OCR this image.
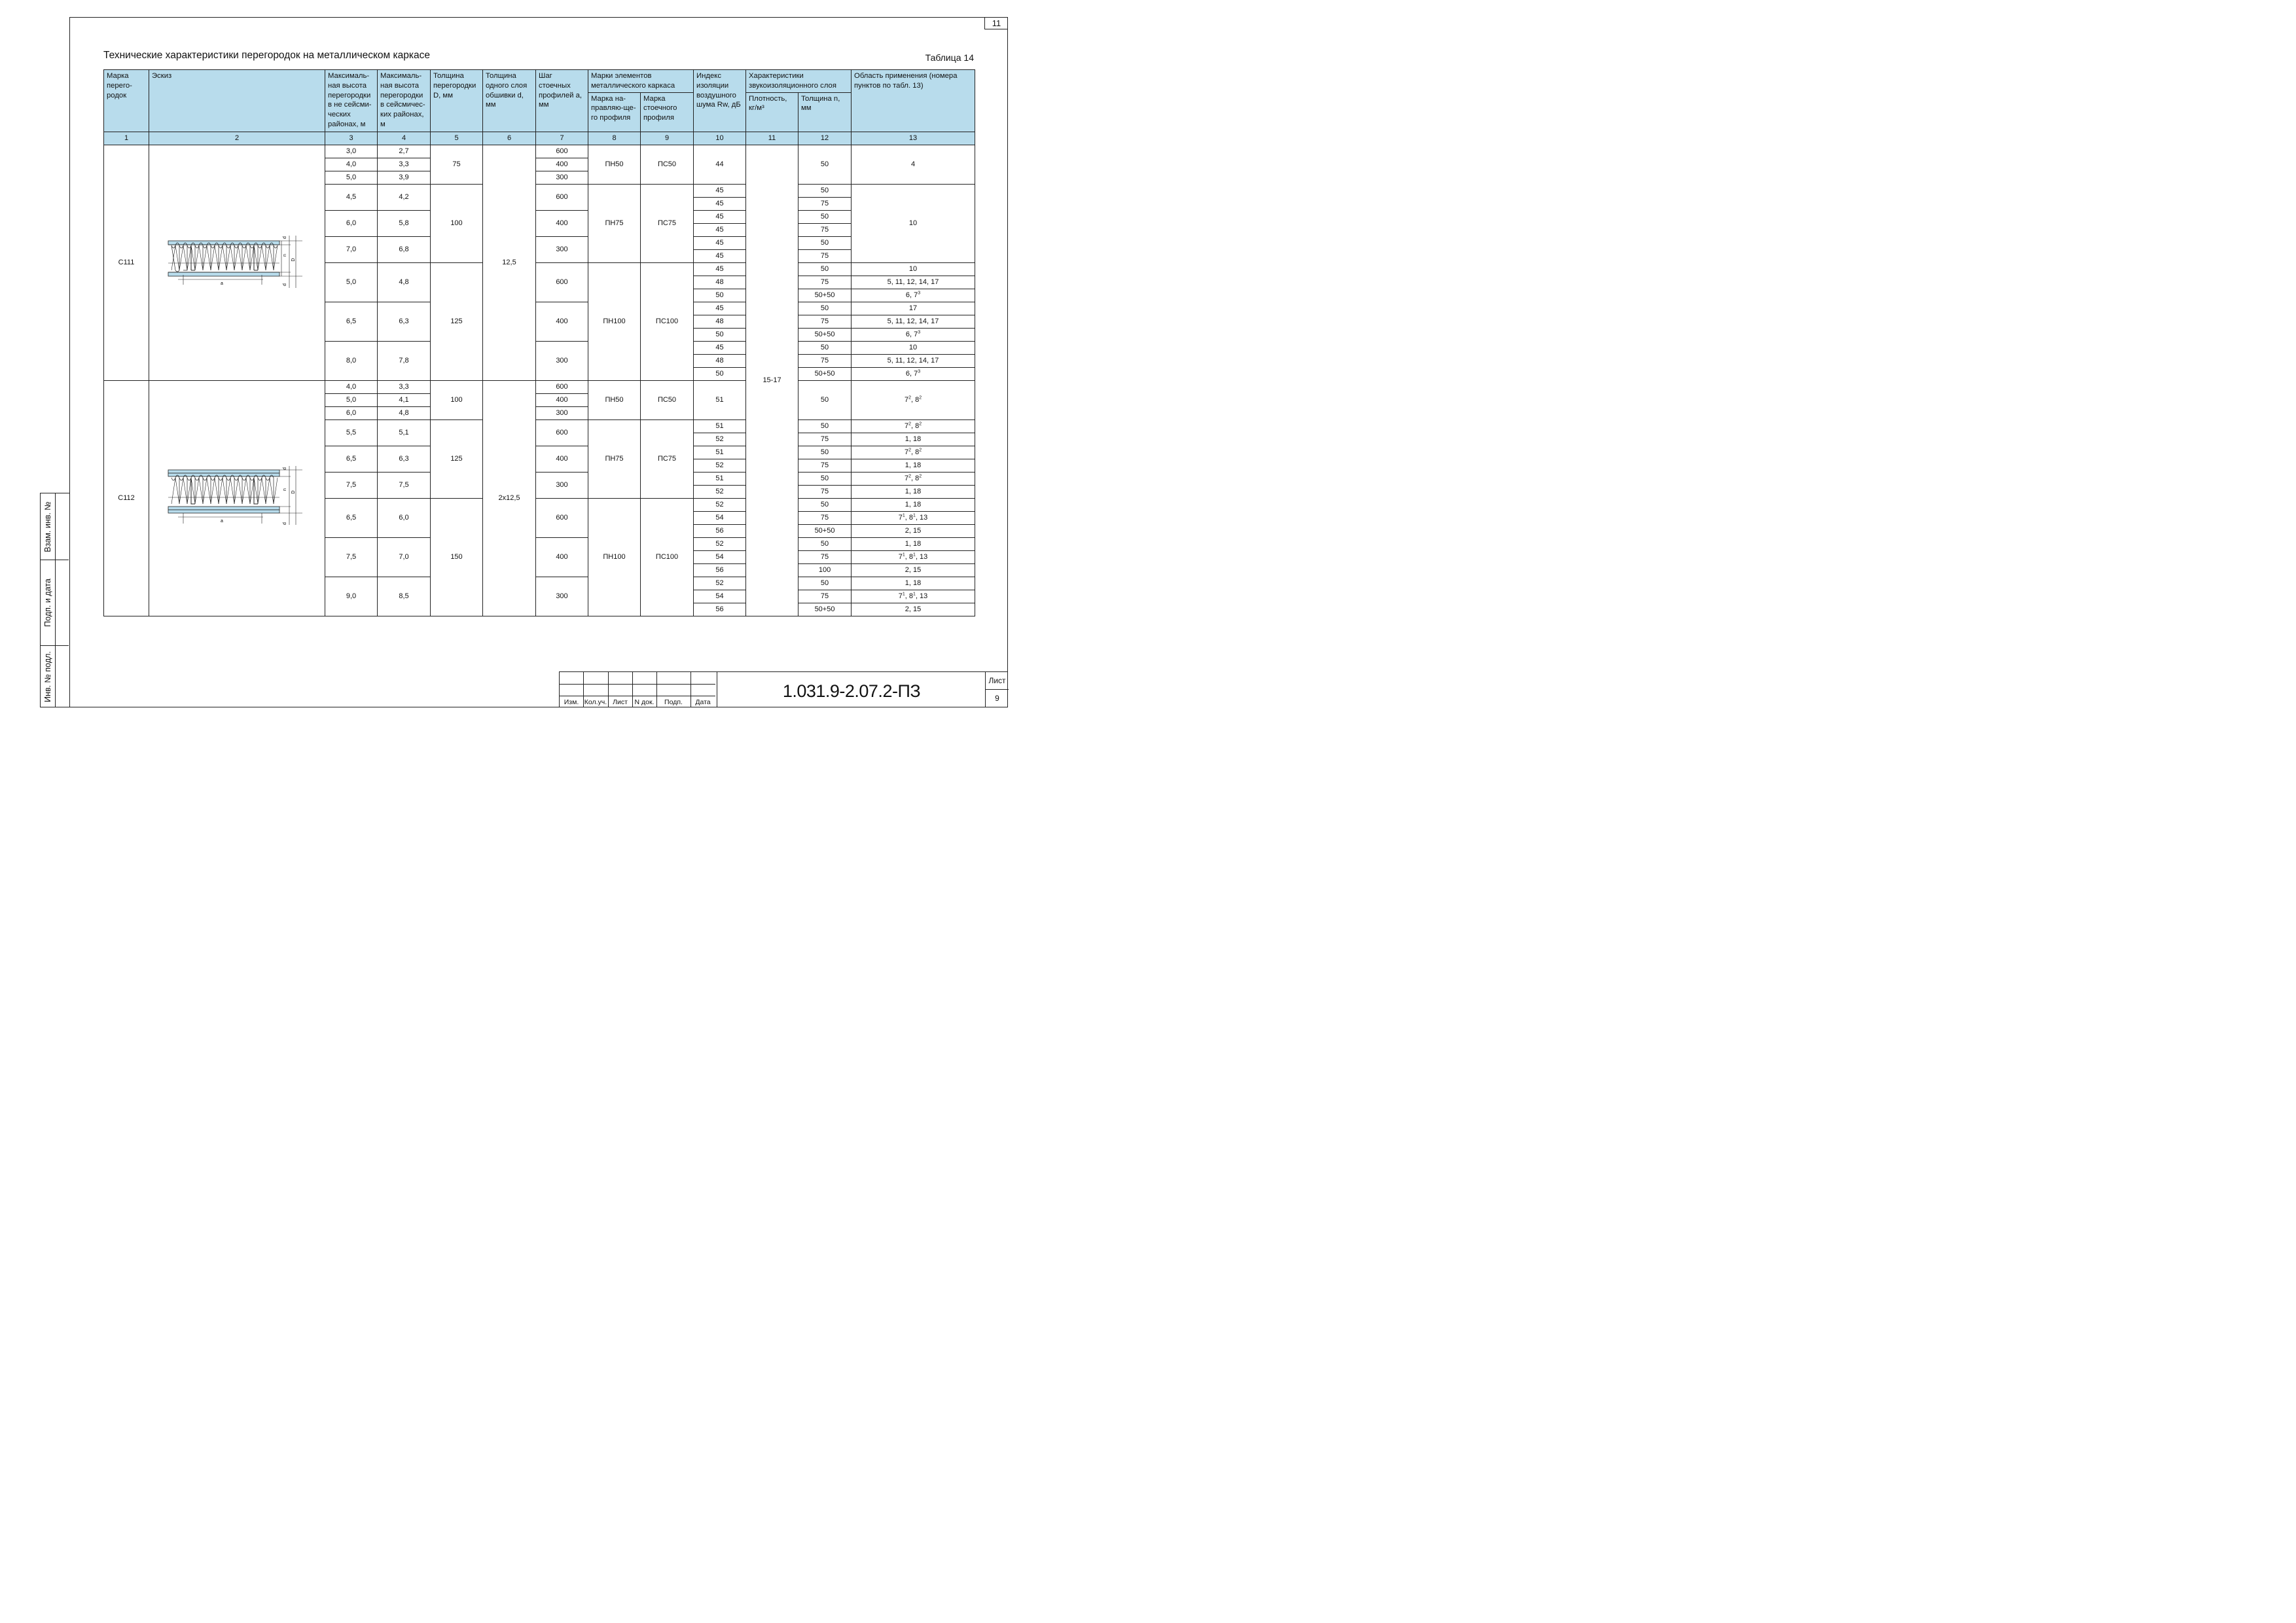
11
Технические характеристики перегородок на металлическом каркасе	Таблица 14
Марка перего-родок	Эскиз	Максималь-ная высота перегородки в не сейсми-ческих районах, м	Максималь-ная высота перегородки в сейсмичес-ких районах, м	Толщина перегородки D, мм	Толщина одного слоя обшивки d, мм	Шаг стоечных профилей a, мм	Марки элементов металлического каркаса		Индекс изоляции воздушного шума Rw, дБ	Характеристики звукоизоляционного слоя		Область применения (номера пунктов по табл. 13)
							Марка на-правляю-ще-го профиля	Марка стоечного профиля		Плотность, кг/м³	Толщина n, мм	
1	2	3	4	5	6	7	8	9	10	11	12	13
С111	a
d
n
D
d	3,0	2,7	75	12,5	600	ПН50	ПС50	44	15-17	50	4
		4,0	3,3			400						
		5,0	3,9			300						
		4,5	4,2	100		600	ПН75	ПС75	45		50	10
									45		75	
		6,0	5,8			400			45		50	
									45		75	
		7,0	6,8			300			45		50	
									45		75	
		5,0	4,8	125		600	ПН100	ПС100	45		50	10
									48		75	5, 11, 12, 14, 17
									50		50+50	6, $7^3$
		6,5	6,3			400			45		50	17
									48		75	5, 11, 12, 14, 17
									50		50+50	6, $7^3$
		8,0	7,8			300			45		50	10
									48		75	5, 11, 12, 14, 17
									50		50+50	6, $7^3$
С112	a
d
n
D
d	4,0	3,3	100	2х12,5	600	ПН50	ПС50	51		50	$7^2$, $8^2$
		5,0	4,1			400						
		6,0	4,8			300						
		5,5	5,1	125		600	ПН75	ПС75	51		50	$7^2$, $8^2$
									52		75	1, 18
		6,5	6,3			400			51		50	$7^2$, $8^2$
									52		75	1, 18
		7,5	7,5			300			51		50	$7^2$, $8^2$
									52		75	1, 18
		6,5	6,0	150		600	ПН100	ПС100	52		50	1, 18
									54		75	$7^1$, $8^1$, 13
									56		50+50	2, 15
		7,5	7,0			400			52		50	1, 18
									54		75	$7^1$, $8^1$, 13
									56		100	2, 15
		9,0	8,5			300			52		50	1, 18
									54		75	$7^1$, $8^1$, 13
									56		50+50	2, 15
Взам. инв. №
Подп. и дата
Инв. № подл.
Изм. Кол.уч. Лист	N док.	Подп.	Дата
1.031.9-2.07.2-ПЗ
Лист
9
